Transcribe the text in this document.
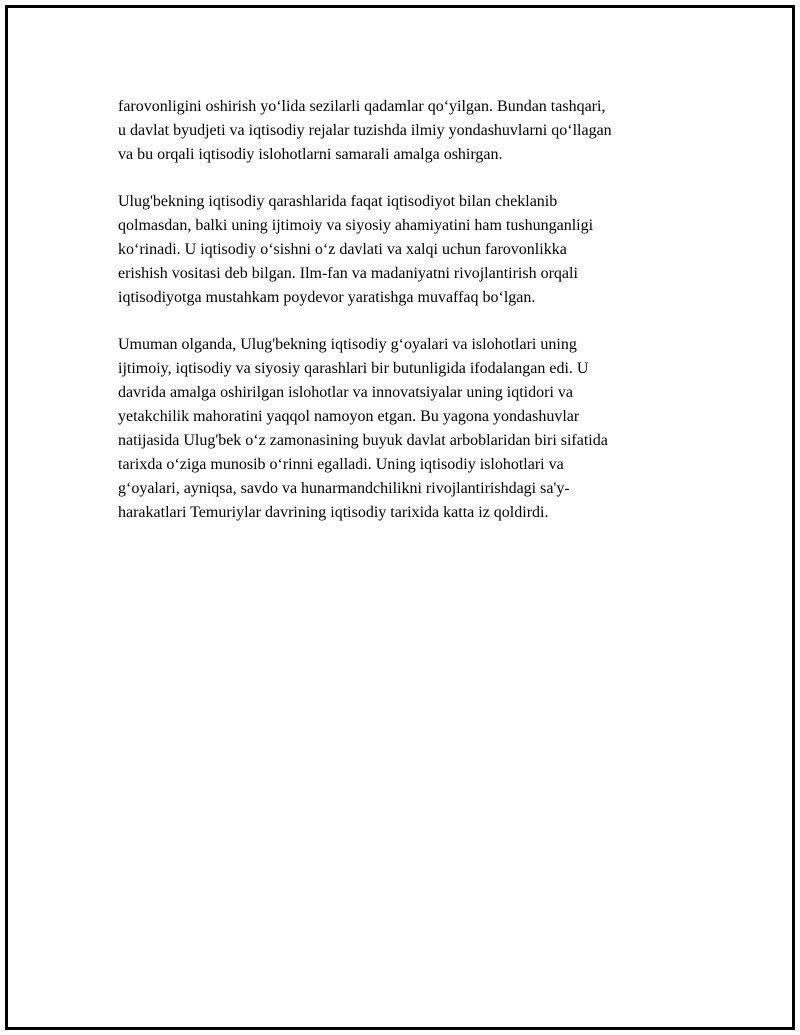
farovonligini oshirish yoʻlida sezilarli qadamlar qoʻyilgan. Bundan tashqari,
u davlat byudjeti va iqtisodiy rejalar tuzishda ilmiy yondashuvlarni qoʻllagan
va bu orqali iqtisodiy islohotlarni samarali amalga oshirgan.

Ulug'bekning iqtisodiy qarashlarida faqat iqtisodiyot bilan cheklanib
qolmasdan, balki uning ijtimoiy va siyosiy ahamiyatini ham tushunganligi
koʻrinadi. U iqtisodiy oʻsishni oʻz davlati va xalqi uchun farovonlikka
erishish vositasi deb bilgan. Ilm-fan va madaniyatni rivojlantirish orqali
iqtisodiyotga mustahkam poydevor yaratishga muvaffaq boʻlgan.

Umuman olganda, Ulug'bekning iqtisodiy gʻoyalari va islohotlari uning
ijtimoiy, iqtisodiy va siyosiy qarashlari bir butunligida ifodalangan edi. U
davrida amalga oshirilgan islohotlar va innovatsiyalar uning iqtidori va
yetakchilik mahoratini yaqqol namoyon etgan. Bu yagona yondashuvlar
natijasida Ulug'bek oʻz zamonasining buyuk davlat arboblaridan biri sifatida
tarixda oʻziga munosib oʻrinni egalladi. Uning iqtisodiy islohotlari va
gʻoyalari, ayniqsa, savdo va hunarmandchilikni rivojlantirishdagi sa'y-
harakatlari Temuriylar davrining iqtisodiy tarixida katta iz qoldirdi.
